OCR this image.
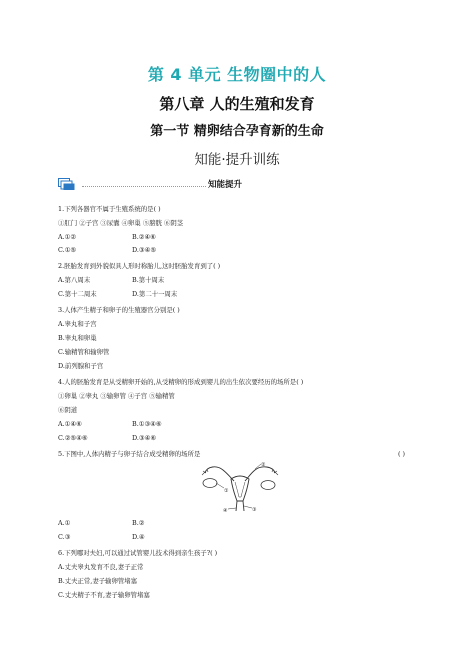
第 4 单元 生物圈中的人
第八章 人的生殖和发育
第一节 精卵结合孕育新的生命
知能·提升训练
知能提升
1.下列各器官不属于生殖系统的是( )
①肛门 ②子宫 ③尿囊 ④卵巢 ⑤膀胱 ⑥阴茎
A.①②	B.②④⑥
C.①⑤	D.③④⑤
2.胚胎发育到外貌似具人形时称胎儿,这时胚胎发育到了( )
A.第八周末	B.第十周末
C.第十二周末	D.第二十一周末
3.人体产生精子和卵子的生殖器官分别是( )
A.睾丸和子宫
B.睾丸和卵巢
C.输精管和输卵管
D.前列腺和子宫
4.人的胚胎发育是从受精卵开始的,从受精卵的形成到婴儿的出生依次要经历的场所是( )
①卵巢 ②睾丸 ③输卵管 ④子宫 ⑤输精管
⑥阴道
A.①④⑥	B.①③④⑥
C.②⑤④⑥	D.③④⑥
5.下图中,人体内精子与卵子结合成受精卵的场所是	( )
①
②
③
④
A.①	B.②
C.③	D.④
6.下列哪对夫妇,可以通过试管婴儿技术得到亲生孩子?( )
A.丈夫睾丸发育不良,妻子正常
B.丈夫正常,妻子输卵管堵塞
C.丈夫精子不育,妻子输卵管堵塞
